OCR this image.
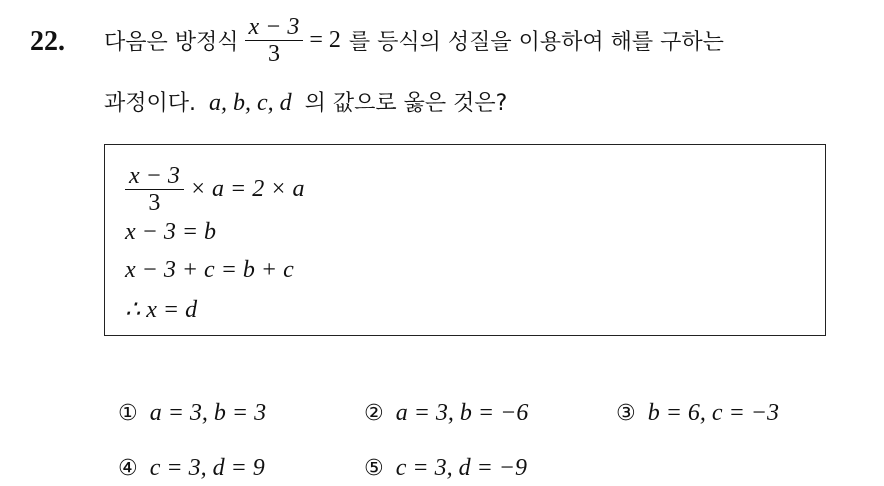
22. 다음은 방정식 $\frac{x - 3}{3} = 2$ 를 등식의 성질을 이용하여 해를 구하는
과정이다. a, b, c, d 의 값으로 옳은 것은?
$\frac{x - 3}{3} \times a = 2 \times a$
x − 3 = b
x − 3 + c = b + c
∴ x = d
① a = 3, b = 3	② a = 3, b = −6	③ b = 6, c = −3
④ c = 3, d = 9	⑤ c = 3, d = −9
